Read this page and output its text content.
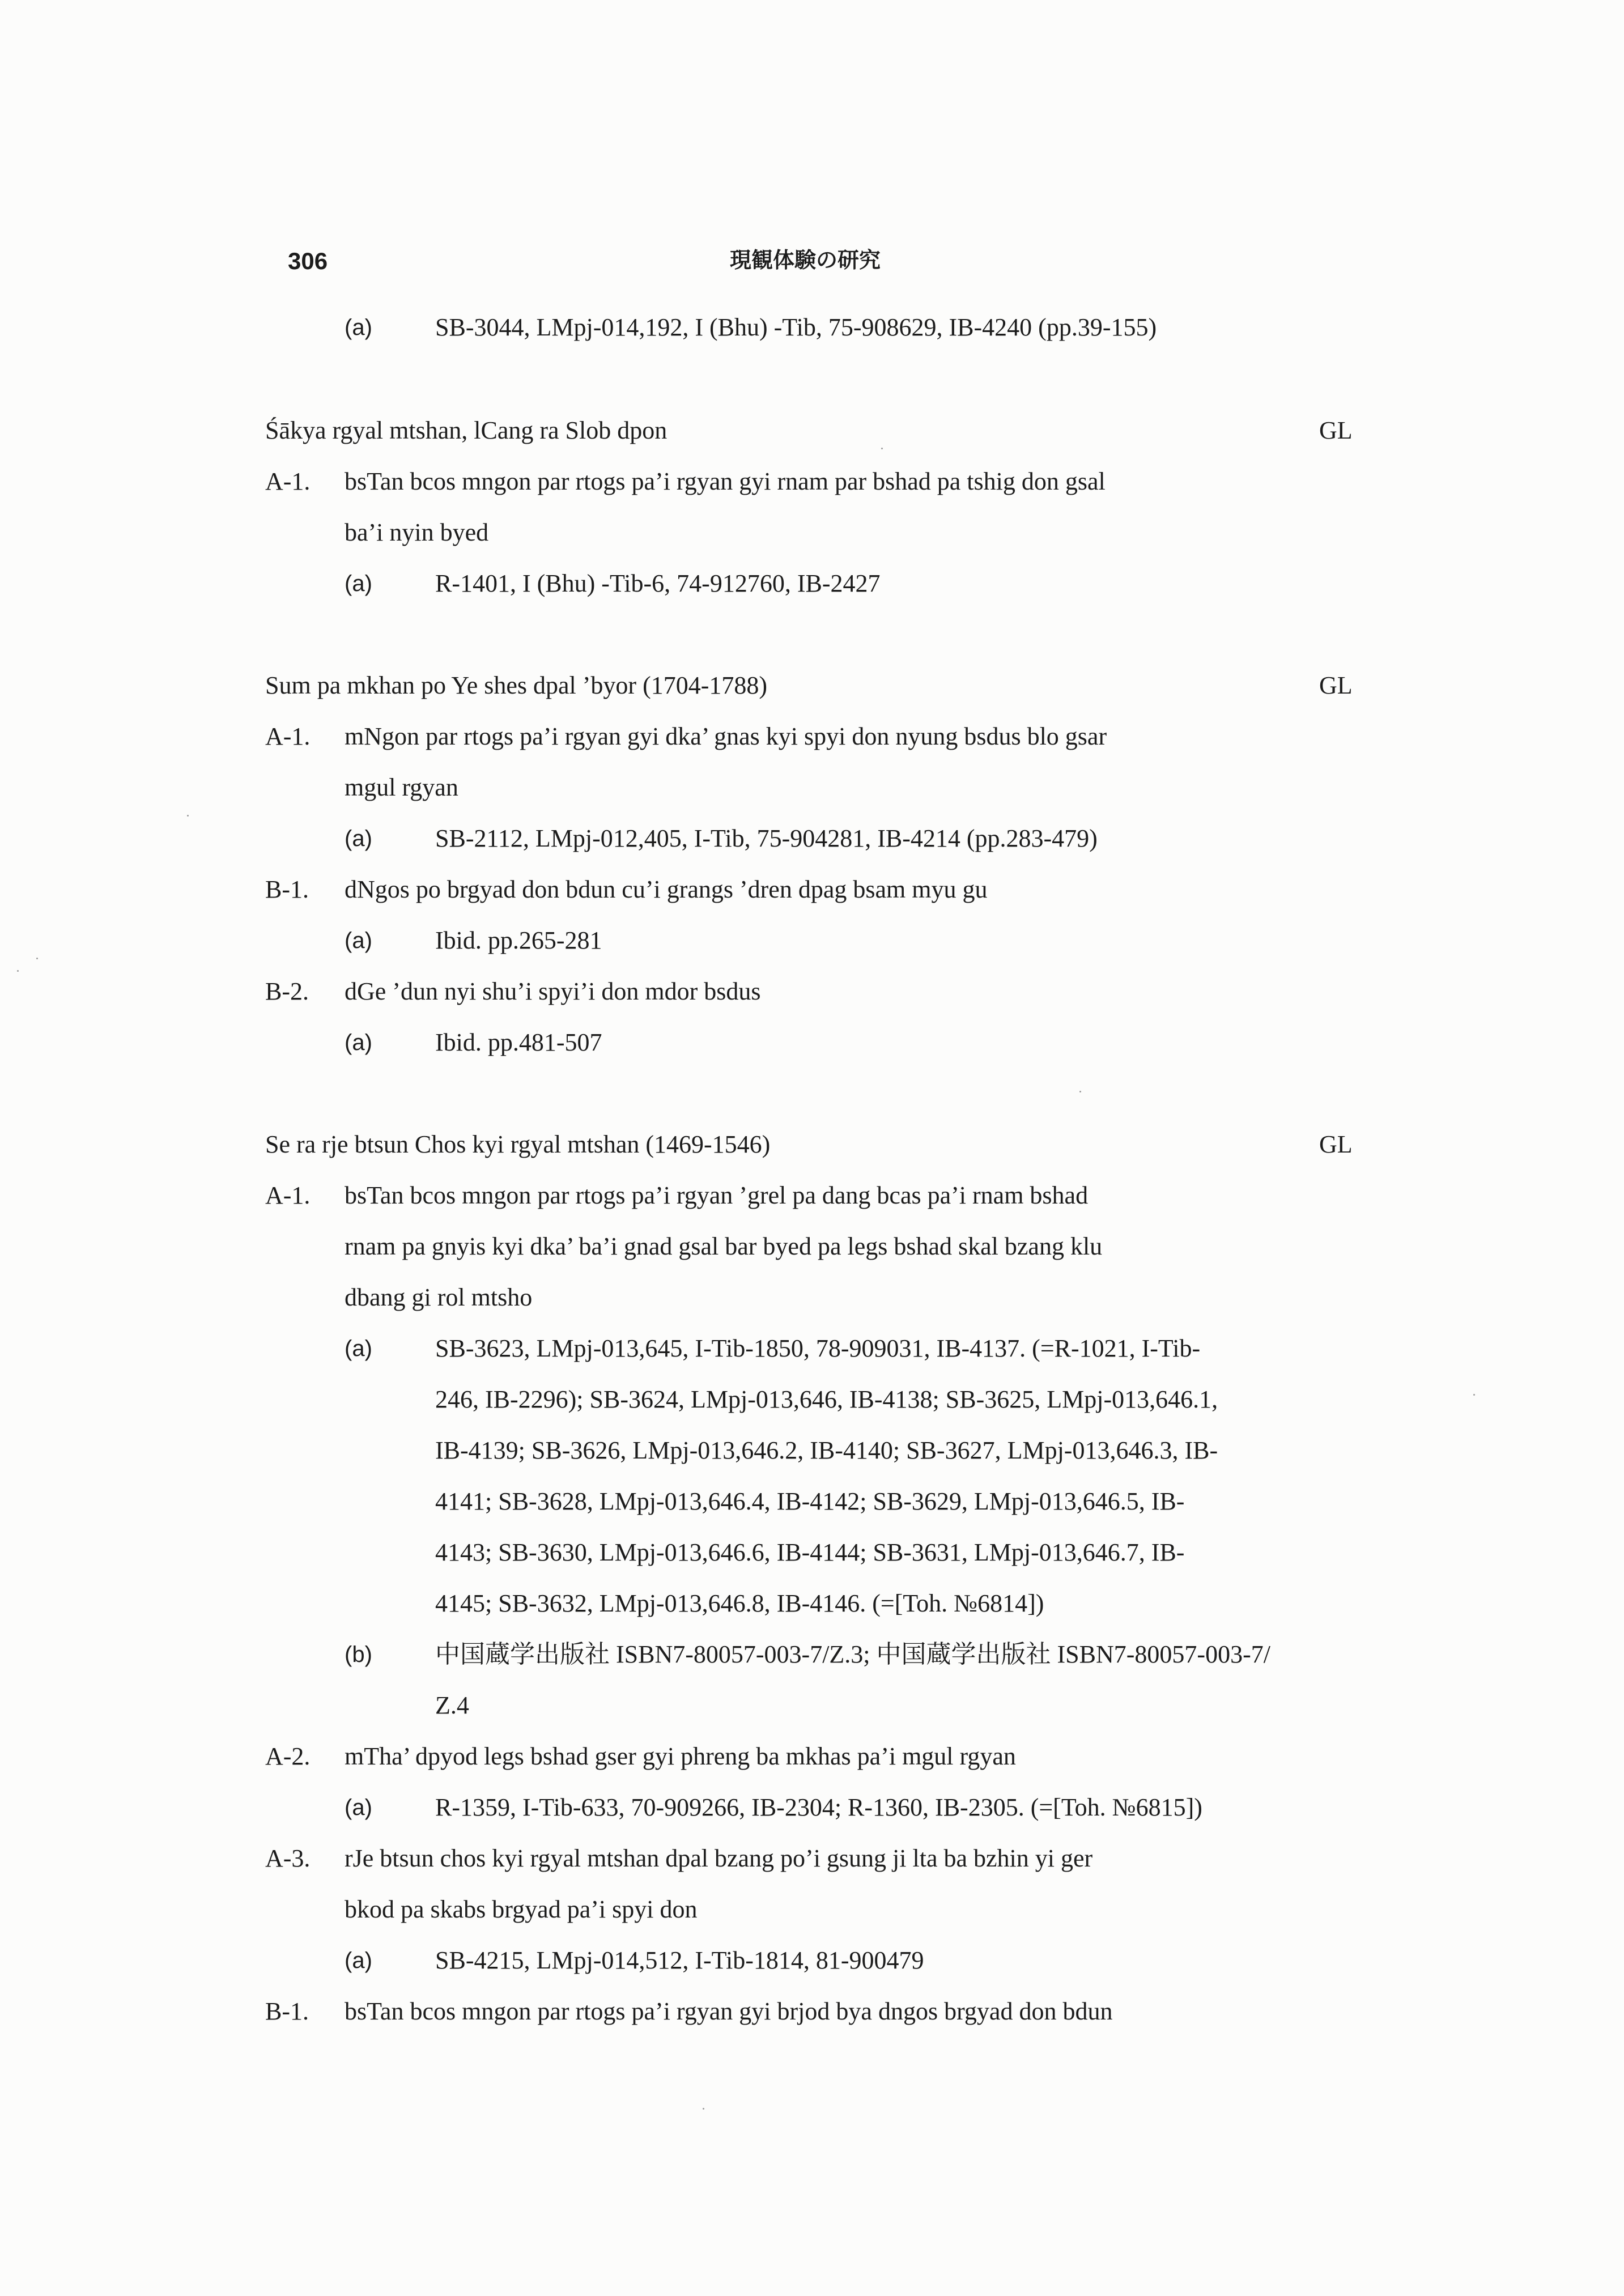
306	現観体験の研究
(a)	SB-3044, LMpj-014,192, I (Bhu) -Tib, 75-908629, IB-4240 (pp.39-155)
Śākya rgyal mtshan, lCang ra Slob dpon	GL
A-1. bsTan bcos mngon par rtogs pa’i rgyan gyi rnam par bshad pa tshig don gsal
ba’i nyin byed
(a)	R-1401, I (Bhu) -Tib-6, 74-912760, IB-2427
Sum pa mkhan po Ye shes dpal ’byor (1704-1788)	GL
A-1. mNgon par rtogs pa’i rgyan gyi dka’ gnas kyi spyi don nyung bsdus blo gsar
mgul rgyan
(a)	SB-2112, LMpj-012,405, I-Tib, 75-904281, IB-4214 (pp.283-479)
B-1. dNgos po brgyad don bdun cu’i grangs ’dren dpag bsam myu gu
(a)	Ibid. pp.265-281
B-2. dGe ’dun nyi shu’i spyi’i don mdor bsdus
(a)	Ibid. pp.481-507
Se ra rje btsun Chos kyi rgyal mtshan (1469-1546)	GL
A-1. bsTan bcos mngon par rtogs pa’i rgyan ’grel pa dang bcas pa’i rnam bshad
rnam pa gnyis kyi dka’ ba’i gnad gsal bar byed pa legs bshad skal bzang klu
dbang gi rol mtsho
(a)	SB-3623, LMpj-013,645, I-Tib-1850, 78-909031, IB-4137. (=R-1021, I-Tib-
246, IB-2296); SB-3624, LMpj-013,646, IB-4138; SB-3625, LMpj-013,646.1,
IB-4139; SB-3626, LMpj-013,646.2, IB-4140; SB-3627, LMpj-013,646.3, IB-
4141; SB-3628, LMpj-013,646.4, IB-4142; SB-3629, LMpj-013,646.5, IB-
4143; SB-3630, LMpj-013,646.6, IB-4144; SB-3631, LMpj-013,646.7, IB-
4145; SB-3632, LMpj-013,646.8, IB-4146. (=[Toh. №6814])
(b)	中国蔵学出版社 ISBN7-80057-003-7/Z.3; 中国蔵学出版社 ISBN7-80057-003-7/
Z.4
A-2. mTha’ dpyod legs bshad gser gyi phreng ba mkhas pa’i mgul rgyan
(a)	R-1359, I-Tib-633, 70-909266, IB-2304; R-1360, IB-2305. (=[Toh. №6815])
A-3. rJe btsun chos kyi rgyal mtshan dpal bzang po’i gsung ji lta ba bzhin yi ger
bkod pa skabs brgyad pa’i spyi don
(a)	SB-4215, LMpj-014,512, I-Tib-1814, 81-900479
B-1. bsTan bcos mngon par rtogs pa’i rgyan gyi brjod bya dngos brgyad don bdun
